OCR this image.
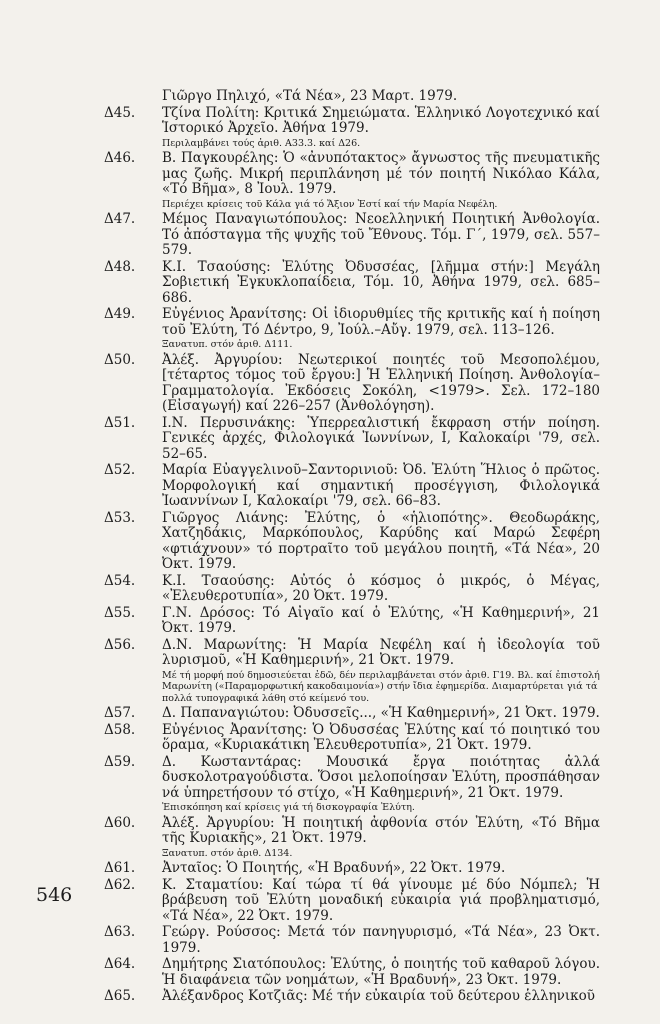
Γιῶργο Πηλιχό, «Τά Νέα», 23 Μαρτ. 1979.
Δ45. Τζίνα Πολίτη: Κριτικά Σημειώματα. Ἑλληνικό Λογοτεχνικό καί Ἱστορικό Ἀρχεῖο. Ἀθήνα 1979.
Περιλαμβάνει τούς ἀριθ. Α33.3. καί Δ26.
Δ46. Β. Παγκουρέλης: Ὁ «ἀνυπότακτος» ἄγνωστος τῆς πνευματικῆς μας ζωῆς. Μικρή περιπλάνηση μέ τόν ποιητή Νικόλαο Κάλα, «Τό Βῆμα», 8 Ἰουλ. 1979.
Περιέχει κρίσεις τοῦ Κάλα γιά τό Ἄξιον Ἐστί καί τήν Μαρία Νεφέλη.
Δ47. Μέμος Παναγιωτόπουλος: Νεοελληνική Ποιητική Ἀνθολογία. Τό ἀπόσταγμα τῆς ψυχῆς τοῦ Ἔθνους. Τόμ. Γ΄, 1979, σελ. 557–579.
Δ48. Κ.Ι. Τσαούσης: Ἐλύτης Ὀδυσσέας, [λῆμμα στήν:] Μεγάλη Σοβιετική Ἐγκυκλοπαίδεια, Τόμ. 10, Ἀθήνα 1979, σελ. 685–686.
Δ49. Εὐγένιος Ἀρανίτσης: Οἱ ἰδιορυθμίες τῆς κριτικῆς καί ἡ ποίηση τοῦ Ἐλύτη, Τό Δέντρο, 9, Ἰούλ.–Αὔγ. 1979, σελ. 113–126.
Ξανατυπ. στόν ἀριθ. Δ111.
Δ50. Ἀλέξ. Ἀργυρίου: Νεωτερικοί ποιητές τοῦ Μεσοπολέμου, [τέταρτος τόμος τοῦ ἔργου:] Ἡ Ἑλληνική Ποίηση. Ἀνθολογία–Γραμματολογία. Ἐκδόσεις Σοκόλη, <1979>. Σελ. 172–180 (Εἰσαγωγή) καί 226–257 (Ἀνθολόγηση).
Δ51. Ι.Ν. Περυσινάκης: Ὑπερρεαλιστική ἔκφραση στήν ποίηση. Γενικές ἀρχές, Φιλολογικά Ἰωννίνων, Ι, Καλοκαίρι '79, σελ. 52–65.
Δ52. Μαρία Εὐαγγελινοῦ–Σαντορινιοῦ: Ὀδ. Ἐλύτη Ἥλιος ὁ πρῶτος. Μορφολογική καί σημαντική προσέγγιση, Φιλολογικά Ἰωαννίνων Ι, Καλοκαίρι '79, σελ. 66–83.
Δ53. Γιῶργος Λιάνης: Ἐλύτης, ὁ «ἡλιοπότης». Θεοδωράκης, Χατζηδάκις, Μαρκόπουλος, Καρύδης καί Μαρώ Σεφέρη «φτιάχνουν» τό πορτραῖτο τοῦ μεγάλου ποιητῆ, «Τά Νέα», 20 Ὀκτ. 1979.
Δ54. Κ.Ι. Τσαούσης: Αὐτός ὁ κόσμος ὁ μικρός, ὁ Μέγας, «Ἐλευθεροτυπία», 20 Ὀκτ. 1979.
Δ55. Γ.Ν. Δρόσος: Τό Αἰγαῖο καί ὁ Ἐλύτης, «Ἡ Καθημερινή», 21 Ὀκτ. 1979.
Δ56. Δ.Ν. Μαρωνίτης: Ἡ Μαρία Νεφέλη καί ἡ ἰδεολογία τοῦ λυρισμοῦ, «Ἡ Καθημερινή», 21 Ὀκτ. 1979.
Μέ τή μορφή πού δημοσιεύεται ἐδῶ, δέν περιλαμβάνεται στόν ἀριθ. Γ19. Βλ. καί ἐπιστολή Μαρωνίτη («Παραμορφωτική κακοδαιμονία») στήν ἴδια ἐφημερίδα. Διαμαρτύρεται γιά τά πολλά τυπογραφικά λάθη στό κείμενό του.
Δ57. Δ. Παπαναγιώτου: Ὀδυσσεῖς..., «Ἡ Καθημερινή», 21 Ὀκτ. 1979.
Δ58. Εὐγένιος Ἀρανίτσης: Ὁ Ὀδυσσέας Ἐλύτης καί τό ποιητικό του ὅραμα, «Κυριακάτικη Ἐλευθεροτυπία», 21 Ὀκτ. 1979.
Δ59. Δ. Κωσταντάρας: Μουσικά ἔργα ποιότητας ἀλλά δυσκολοτραγούδιστα. Ὅσοι μελοποίησαν Ἐλύτη, προσπάθησαν νά ὑπηρετήσουν τό στίχο, «Ἡ Καθημερινή», 21 Ὀκτ. 1979.
Ἐπισκόπηση καί κρίσεις γιά τή δισκογραφία Ἐλύτη.
Δ60. Ἀλέξ. Ἀργυρίου: Ἡ ποιητική ἀφθονία στόν Ἐλύτη, «Τό Βῆμα τῆς Κυριακῆς», 21 Ὀκτ. 1979.
Ξανατυπ. στόν ἀριθ. Δ134.
Δ61. Ἀνταῖος: Ὁ Ποιητής, «Ἡ Βραδυνή», 22 Ὀκτ. 1979.
Δ62. Κ. Σταματίου: Καί τώρα τί θά γίνουμε μέ δύο Νόμπελ; Ἡ βράβευση τοῦ Ἐλύτη μοναδική εὐκαιρία γιά προβληματισμό, «Τά Νέα», 22 Ὀκτ. 1979.
Δ63. Γεώργ. Ρούσσος: Μετά τόν πανηγυρισμό, «Τά Νέα», 23 Ὀκτ. 1979.
Δ64. Δημήτρης Σιατόπουλος: Ἐλύτης, ὁ ποιητής τοῦ καθαροῦ λόγου. Ἡ διαφάνεια τῶν νοημάτων, «Ἡ Βραδυνή», 23 Ὀκτ. 1979.
Δ65. Ἀλέξανδρος Κοτζιᾶς: Μέ τήν εὐκαιρία τοῦ δεύτερου ἑλληνικοῦ
546
